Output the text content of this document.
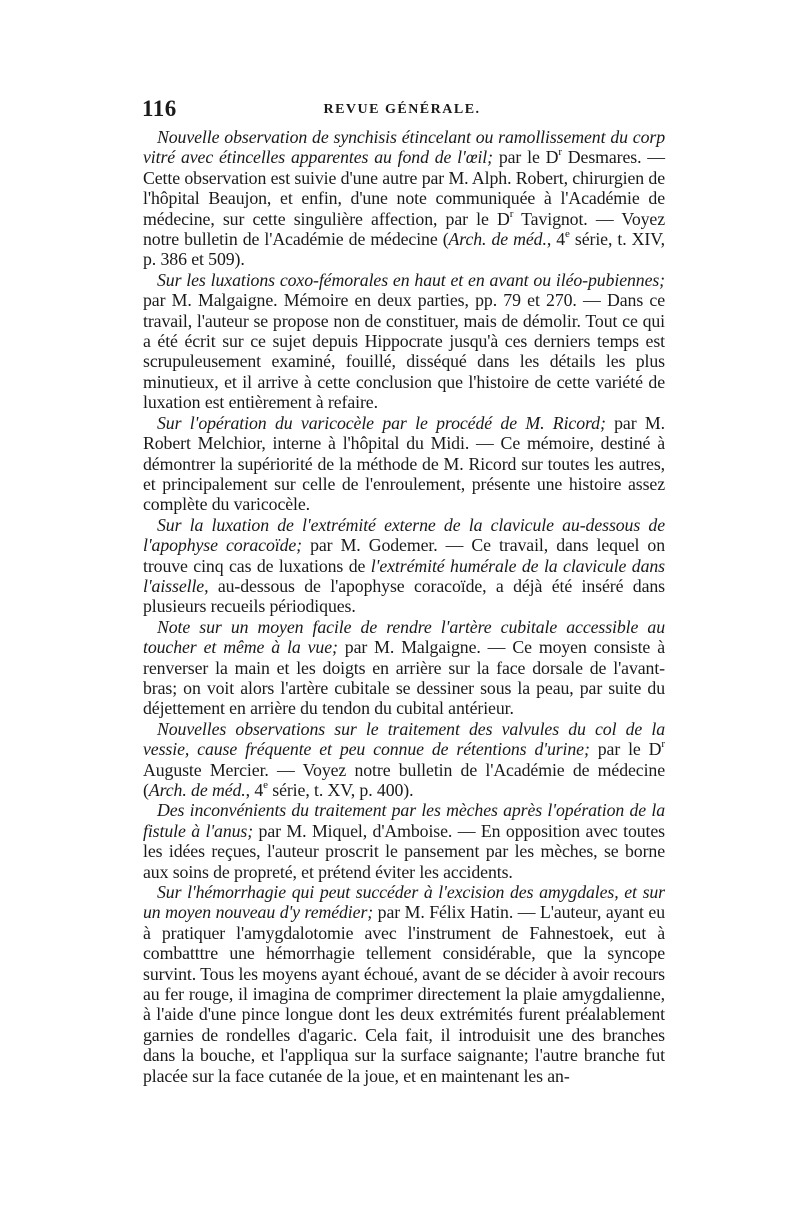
116	REVUE GÉNÉRALE.

Nouvelle observation de synchisis étincelant ou ramollissement du corp vitré avec étincelles apparentes au fond de l'œil; par le $D^r$ Desmares. — Cette observation est suivie d'une autre par M. Alph. Robert, chirurgien de l'hôpital Beaujon, et enfin, d'une note communiquée à l'Académie de médecine, sur cette singulière affection, par le $D^r$ Tavignot. — Voyez notre bulletin de l'Académie de médecine (Arch. de méd., 4e série, t. XIV, p. 386 et 509).

Sur les luxations coxo-fémorales en haut et en avant ou iléo-pubiennes; par M. Malgaigne. Mémoire en deux parties, pp. 79 et 270. — Dans ce travail, l'auteur se propose non de constituer, mais de démolir. Tout ce qui a été écrit sur ce sujet depuis Hippocrate jusqu'à ces derniers temps est scrupuleusement examiné, fouillé, disséqué dans les détails les plus minutieux, et il arrive à cette conclusion que l'histoire de cette variété de luxation est entièrement à refaire.

Sur l'opération du varicocèle par le procédé de M. Ricord; par M. Robert Melchior, interne à l'hôpital du Midi. — Ce mémoire, destiné à démontrer la supériorité de la méthode de M. Ricord sur toutes les autres, et principalement sur celle de l'enroulement, présente une histoire assez complète du varicocèle.

Sur la luxation de l'extrémité externe de la clavicule au-dessous de l'apophyse coracoïde; par M. Godemer. — Ce travail, dans lequel on trouve cinq cas de luxations de l'extrémité humérale de la clavicule dans l'aisselle, au-dessous de l'apophyse coracoïde, a déjà été inséré dans plusieurs recueils périodiques.

Note sur un moyen facile de rendre l'artère cubitale accessible au toucher et même à la vue; par M. Malgaigne. — Ce moyen consiste à renverser la main et les doigts en arrière sur la face dorsale de l'avant-bras; on voit alors l'artère cubitale se dessiner sous la peau, par suite du déjettement en arrière du tendon du cubital antérieur.

Nouvelles observations sur le traitement des valvules du col de la vessie, cause fréquente et peu connue de rétentions d'urine; par le $D^r$ Auguste Mercier. — Voyez notre bulletin de l'Académie de médecine (Arch. de méd., 4e série, t. XV, p. 400).

Des inconvénients du traitement par les mèches après l'opération de la fistule à l'anus; par M. Miquel, d'Amboise. — En opposition avec toutes les idées reçues, l'auteur proscrit le pansement par les mèches, se borne aux soins de propreté, et prétend éviter les accidents.

Sur l'hémorrhagie qui peut succéder à l'excision des amygdales, et sur un moyen nouveau d'y remédier; par M. Félix Hatin. — L'auteur, ayant eu à pratiquer l'amygdalotomie avec l'instrument de Fahnestoek, eut à combatttre une hémorrhagie tellement considérable, que la syncope survint. Tous les moyens ayant échoué, avant de se décider à avoir recours au fer rouge, il imagina de comprimer directement la plaie amygdalienne, à l'aide d'une pince longue dont les deux extrémités furent préalablement garnies de rondelles d'agaric. Cela fait, il introduisit une des branches dans la bouche, et l'appliqua sur la surface saignante; l'autre branche fut placée sur la face cutanée de la joue, et en maintenant les an-
